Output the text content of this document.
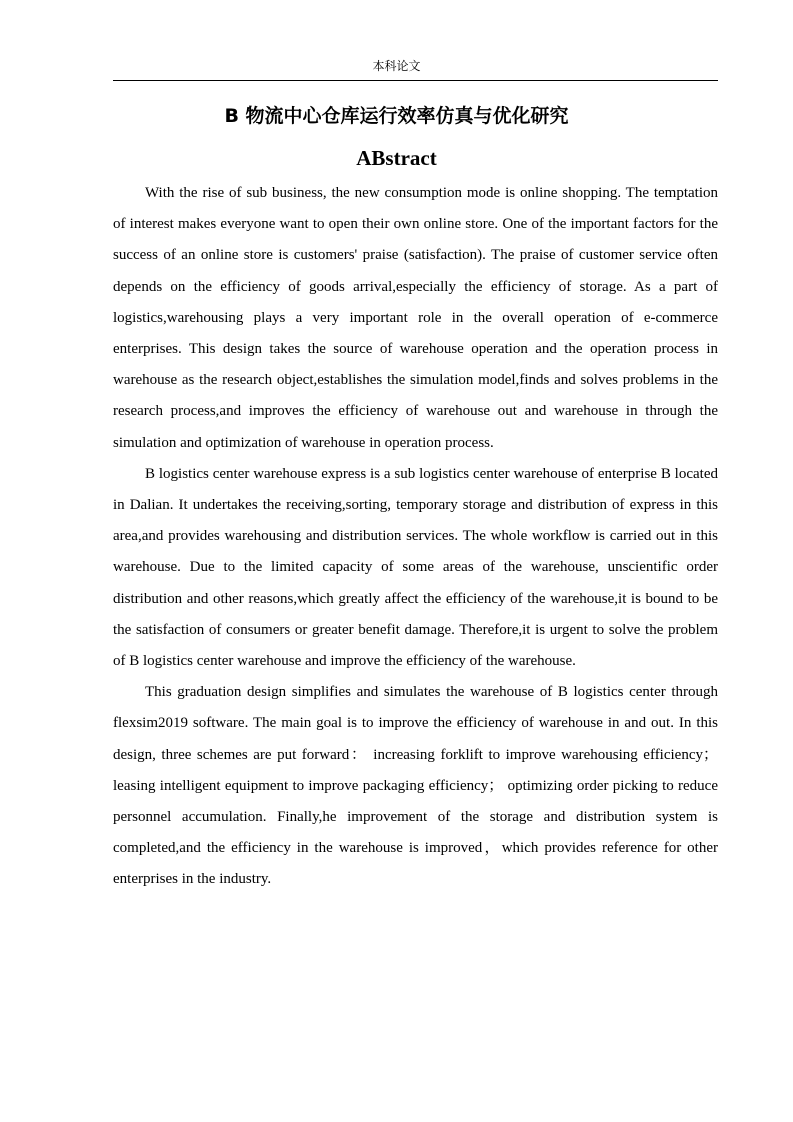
本科论文
B 物流中心仓库运行效率仿真与优化研究
ABstract

With the rise of sub business, the new consumption mode is online shopping. The temptation of interest makes everyone want to open their own online store. One of the important factors for the success of an online store is customers' praise (satisfaction). The praise of customer service often depends on the efficiency of goods arrival,especially the efficiency of storage. As a part of logistics,warehousing plays a very important role in the overall operation of e-commerce enterprises. This design takes the source of warehouse operation and the operation process in warehouse as the research object,establishes the simulation model,finds and solves problems in the research process,and improves the efficiency of warehouse out and warehouse in through the simulation and optimization of warehouse in operation process.

B logistics center warehouse express is a sub logistics center warehouse of enterprise B located in Dalian. It undertakes the receiving,sorting, temporary storage and distribution of express in this area,and provides warehousing and distribution services. The whole workflow is carried out in this warehouse. Due to the limited capacity of some areas of the warehouse, unscientific order distribution and other reasons,which greatly affect the efficiency of the warehouse,it is bound to be the satisfaction of consumers or greater benefit damage. Therefore,it is urgent to solve the problem of B logistics center warehouse and improve the efficiency of the warehouse.

This graduation design simplifies and simulates the warehouse of B logistics center through flexsim2019 software. The main goal is to improve the efficiency of warehouse in and out. In this design, three schemes are put forward： increasing forklift to improve warehousing efficiency； leasing intelligent equipment to improve packaging efficiency； optimizing order picking to reduce personnel accumulation. Finally,he improvement of the storage and distribution system is completed,and the efficiency in the warehouse is improved，which provides reference for other enterprises in the industry.
